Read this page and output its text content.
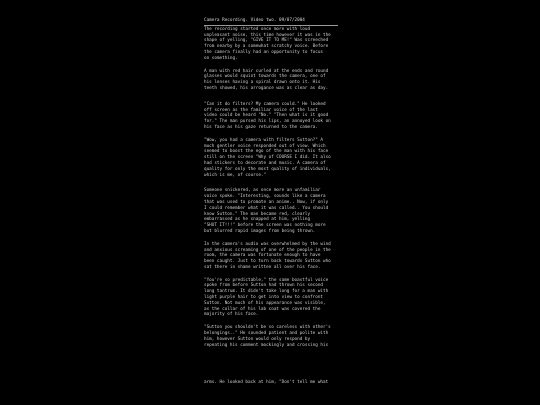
Camera Recording. Video two. 09/07/2004
The recording started once more with loud
unpleasant noise, this time however it was in the
shape of yelling, "GIVE IT TO ME!" Was screeched
from nearby by a somewhat scratchy voice. Before
the camera finally had an opportunity to focus
on something.
A man with red hair curled at the ends and round
glasses would squint towards the camera, one of
his lenses having a spiral drawn onto it. His
teeth showed, his arrogance was as clear as day.
"Can it do filters? My camera could." He looked
off screen as the familiar voice of the last
video could be heard "No." "Then what is it good
for." The man pursed his lips, an annoyed look on
his face as his gaze returned to the camera.
"Wow, you had a camera with filters Sutton?" A
much gentler voice responded out of view. Which
seemed to boost the ego of the man with his face
still on the screen "Why of COURSE I did. It also
had stickers to decorate and music. A camera of
quality for only the most quality of individuals,
which is me, of course."
Someone snickered, as once more an unfamiliar
voice spoke. "Interesting, sounds like a camera
that was used to promote an anime.. Now, if only
I could remember what it was called.. You should
know Sutton." The man became red, clearly
embarrassed as he snapped at him, yelling
"SHUT IT!!!" before the screen was nothing more
but blurred rapid images from being thrown.
In the camera's audio was overwhelmed by the wind
and anxious screaming of one of the people in the
room, the camera was fortunate enough to have
been caught. Just to turn back towards Sutton who
sat there in shame written all over his face.
"You're so predictable," the same boastful voice
spoke from before Sutton had thrown his second
long tantrum. It didn't take long for a man with
light purple hair to get into view to confront
Sutton. Not much of his appearance was visible,
as the collar of his lab coat was covered the
majority of his face.
"Sutton you shouldn't be so careless with other's
belongings.." He sounded patient and polite with
him, however Sutton would only respond by
repeating his comment mockingly and crossing his
arms. He looked back at him, "Don't tell me what
